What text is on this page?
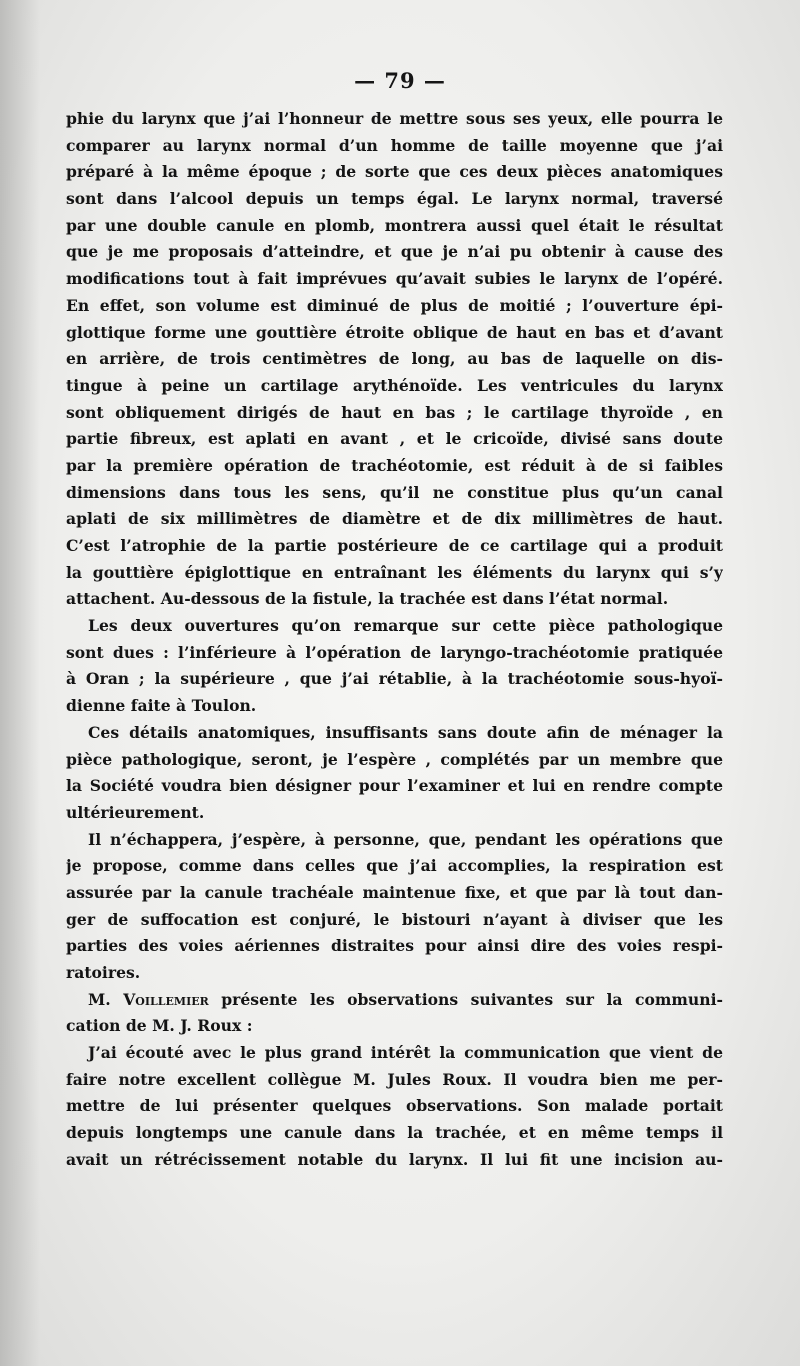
— 79 —
phie du larynx que j’ai l’honneur de mettre sous ses yeux, elle pourra le
comparer au larynx normal d’un homme de taille moyenne que j’ai
préparé à la même époque ; de sorte que ces deux pièces anatomiques
sont dans l’alcool depuis un temps égal. Le larynx normal, traversé
par une double canule en plomb, montrera aussi quel était le résultat
que je me proposais d’atteindre, et que je n’ai pu obtenir à cause des
modifications tout à fait imprévues qu’avait subies le larynx de l’opéré.
En effet, son volume est diminué de plus de moitié ; l’ouverture épi-
glottique forme une gouttière étroite oblique de haut en bas et d’avant
en arrière, de trois centimètres de long, au bas de laquelle on dis-
tingue à peine un cartilage arythénoïde. Les ventricules du larynx
sont obliquement dirigés de haut en bas ; le cartilage thyroïde , en
partie fibreux, est aplati en avant , et le cricoïde, divisé sans doute
par la première opération de trachéotomie, est réduit à de si faibles
dimensions dans tous les sens, qu’il ne constitue plus qu’un canal
aplati de six millimètres de diamètre et de dix millimètres de haut.
C’est l’atrophie de la partie postérieure de ce cartilage qui a produit
la gouttière épiglottique en entraînant les éléments du larynx qui s’y
attachent. Au-dessous de la fistule, la trachée est dans l’état normal.
Les deux ouvertures qu’on remarque sur cette pièce pathologique
sont dues : l’inférieure à l’opération de laryngo-trachéotomie pratiquée
à Oran ; la supérieure , que j’ai rétablie, à la trachéotomie sous-hyoï-
dienne faite à Toulon.
Ces détails anatomiques, insuffisants sans doute afin de ménager la
pièce pathologique, seront, je l’espère , complétés par un membre que
la Société voudra bien désigner pour l’examiner et lui en rendre compte
ultérieurement.
Il n’échappera, j’espère, à personne, que, pendant les opérations que
je propose, comme dans celles que j’ai accomplies, la respiration est
assurée par la canule trachéale maintenue fixe, et que par là tout dan-
ger de suffocation est conjuré, le bistouri n’ayant à diviser que les
parties des voies aériennes distraites pour ainsi dire des voies respi-
ratoires.
M. Voillemier présente les observations suivantes sur la communi-
cation de M. J. Roux :
J’ai écouté avec le plus grand intérêt la communication que vient de
faire notre excellent collègue M. Jules Roux. Il voudra bien me per-
mettre de lui présenter quelques observations. Son malade portait
depuis longtemps une canule dans la trachée, et en même temps il
avait un rétrécissement notable du larynx. Il lui fit une incision au-
